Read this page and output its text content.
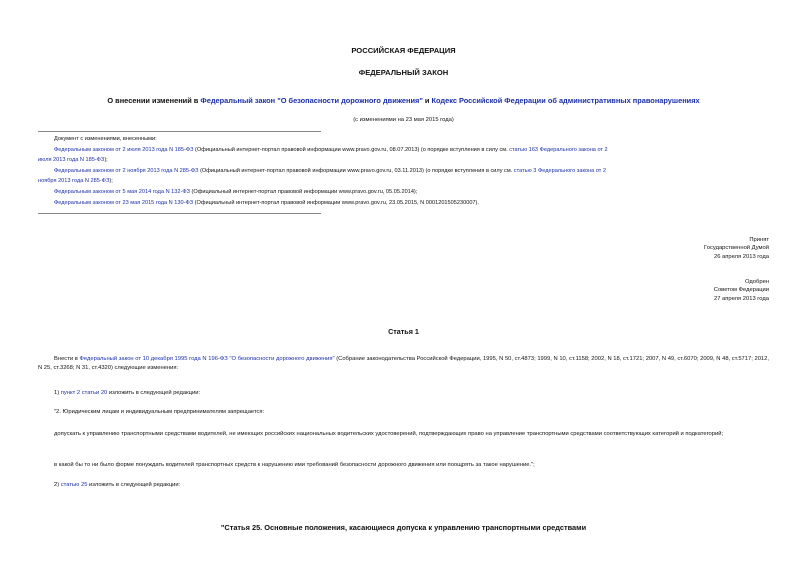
РОССИЙСКАЯ ФЕДЕРАЦИЯ
ФЕДЕРАЛЬНЫЙ ЗАКОН
О внесении изменений в Федеральный закон "О безопасности дорожного движения" и Кодекс Российской Федерации об административных правонарушениях
(с изменениями на 23 мая 2015 года)
Документ с изменениями, внесенными:
Федеральным законом от 2 июля 2013 года N 185-ФЗ (Официальный интернет-портал правовой информации www.pravo.gov.ru, 08.07.2013) (о порядке вступления в силу см. статью 163 Федерального закона от 2
июля 2013 года N 185-ФЗ);
Федеральным законом от 2 ноября 2013 года N 285-ФЗ (Официальный интернет-портал правовой информации www.pravo.gov.ru, 03.11.2013) (о порядке вступления в силу см. статью 3 Федерального закона от 2
ноября 2013 года N 285-ФЗ);
Федеральным законом от 5 мая 2014 года N 132-ФЗ (Официальный интернет-портал правовой информации www.pravo.gov.ru, 05.05.2014);
Федеральным законом от 23 мая 2015 года N 130-ФЗ (Официальный интернет-портал правовой информации www.pravo.gov.ru, 23.05.2015, N 0001201505230007).
Принят
Государственной Думой
26 апреля 2013 года
Одобрен
Советом Федерации
27 апреля 2013 года
Статья 1
Внести в Федеральный закон от 10 декабря 1995 года N 196-ФЗ "О безопасности дорожного движения" (Собрание законодательства Российской Федерации, 1995, N 50, ст.4873; 1999, N 10, ст.1158; 2002, N 18, ст.1721; 2007, N 49, ст.6070; 2009, N 48, ст.5717; 2012, N 25, ст.3268; N 31, ст.4320) следующие изменения:
1) пункт 2 статьи 20 изложить в следующей редакции:
"2. Юридическим лицам и индивидуальным предпринимателям запрещается:
допускать к управлению транспортными средствами водителей, не имеющих российских национальных водительских удостоверений, подтверждающих право на управление транспортными средствами соответствующих категорий и подкатегорий;
в какой бы то ни было форме понуждать водителей транспортных средств к нарушению ими требований безопасности дорожного движения или поощрять за такое нарушение.";
2) статью 25 изложить в следующей редакции:
"Статья 25. Основные положения, касающиеся допуска к управлению транспортными средствами
